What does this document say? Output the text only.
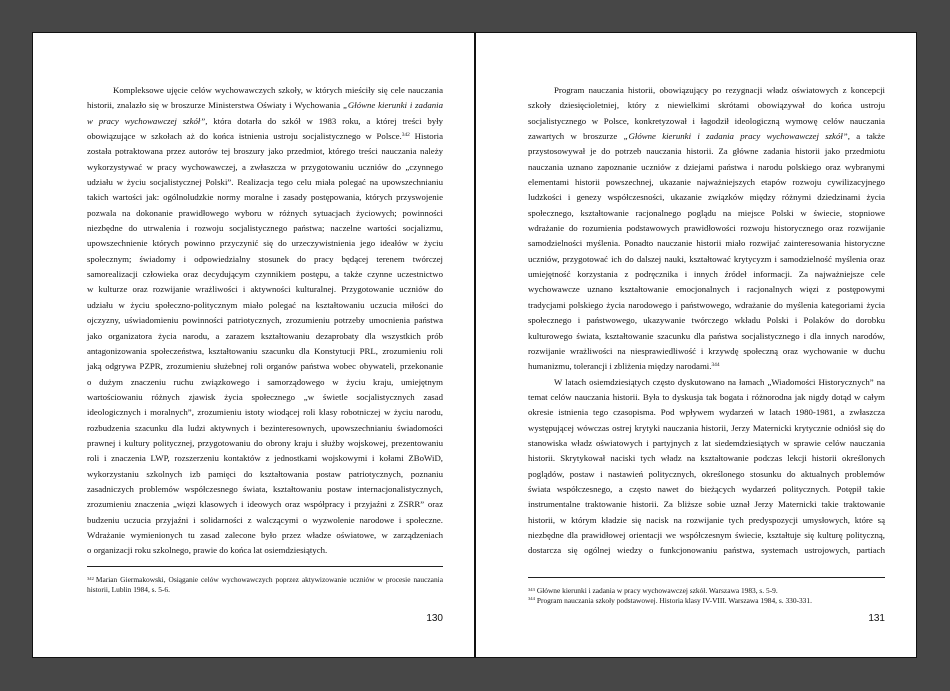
Kompleksowe ujęcie celów wychowawczych szkoły, w których mieściły się cele nauczania
historii, znalazło się w broszurze Ministerstwa Oświaty i Wychowania „Główne kierunki i zadania
w pracy wychowawczej szkół”, która dotarła do szkół w 1983 roku, a której treści były
obowiązujące w szkołach aż do końca istnienia ustroju socjalistycznego w Polsce.$^{342}$ Historia
została potraktowana przez autorów tej broszury jako przedmiot, którego treści nauczania należy
wykorzystywać w pracy wychowawczej, a zwłaszcza w przygotowaniu uczniów do „czynnego
udziału w życiu socjalistycznej Polski”. Realizacja tego celu miała polegać na upowszechnianiu
takich wartości jak: ogólnoludzkie normy moralne i zasady postępowania, których przyswojenie
pozwala na dokonanie prawidłowego wyboru w różnych sytuacjach życiowych; powinności
niezbędne do utrwalenia i rozwoju socjalistycznego państwa; naczelne wartości socjalizmu,
upowszechnienie których powinno przyczynić się do urzeczywistnienia jego ideałów w życiu
społecznym; świadomy i odpowiedzialny stosunek do pracy będącej terenem twórczej
samorealizacji człowieka oraz decydującym czynnikiem postępu, a także czynne uczestnictwo
w kulturze oraz rozwijanie wrażliwości i aktywności kulturalnej. Przygotowanie uczniów do
udziału w życiu społeczno-politycznym miało polegać na kształtowaniu uczucia miłości do
ojczyzny, uświadomieniu powinności patriotycznych, zrozumieniu potrzeby umocnienia państwa
jako organizatora życia narodu, a zarazem kształtowaniu dezaprobaty dla wszystkich prób
antagonizowania społeczeństwa, kształtowaniu szacunku dla Konstytucji PRL, zrozumieniu roli
jaką odgrywa PZPR, zrozumieniu służebnej roli organów państwa wobec obywateli, przekonanie
o dużym znaczeniu ruchu związkowego i samorządowego w życiu kraju, umiejętnym
wartościowaniu różnych zjawisk życia społecznego „w świetle socjalistycznych zasad
ideologicznych i moralnych”, zrozumieniu istoty wiodącej roli klasy robotniczej w życiu narodu,
rozbudzenia szacunku dla ludzi aktywnych i bezinteresownych, upowszechnianiu świadomości
prawnej i kultury politycznej, przygotowaniu do obrony kraju i służby wojskowej, prezentowaniu
roli i znaczenia LWP, rozszerzeniu kontaktów z jednostkami wojskowymi i kołami ZBoWiD,
wykorzystaniu szkolnych izb pamięci do kształtowania postaw patriotycznych, poznaniu
zasadniczych problemów współczesnego świata, kształtowaniu postaw internacjonalistycznych,
zrozumieniu znaczenia „więzi klasowych i ideowych oraz współpracy i przyjaźni z ZSRR” oraz
budzeniu uczucia przyjaźni i solidarności z walczącymi o wyzwolenie narodowe i społeczne.
Wdrażanie wymienionych tu zasad zalecone było przez władze oświatowe, w zarządzeniach
o organizacji roku szkolnego, prawie do końca lat osiemdziesiątych.
$^{342}$ Marian Giermakowski, Osiąganie celów wychowawczych poprzez aktywizowanie uczniów w procesie nauczania
historii, Lublin 1984, s. 5-6.
130
Program nauczania historii, obowiązujący po rezygnacji władz oświatowych z koncepcji
szkoły dziesięcioletniej, który z niewielkimi skrótami obowiązywał do końca ustroju
socjalistycznego w Polsce, konkretyzował i łagodził ideologiczną wymowę celów nauczania
zawartych w broszurze „Główne kierunki i zadania pracy wychowawczej szkół”, a także
przystosowywał je do potrzeb nauczania historii. Za główne zadania historii jako przedmiotu
nauczania uznano zapoznanie uczniów z dziejami państwa i narodu polskiego oraz wybranymi
elementami historii powszechnej, ukazanie najważniejszych etapów rozwoju cywilizacyjnego
ludzkości i genezy współczesności, ukazanie związków między różnymi dziedzinami życia
społecznego, kształtowanie racjonalnego poglądu na miejsce Polski w świecie, stopniowe
wdrażanie do rozumienia podstawowych prawidłowości rozwoju historycznego oraz rozwijanie
samodzielności myślenia. Ponadto nauczanie historii miało rozwijać zainteresowania historyczne
uczniów, przygotować ich do dalszej nauki, kształtować krytycyzm i samodzielność myślenia oraz
umiejętność korzystania z podręcznika i innych źródeł informacji. Za najważniejsze cele
wychowawcze uznano kształtowanie emocjonalnych i racjonalnych więzi z postępowymi
tradycjami polskiego życia narodowego i państwowego, wdrażanie do myślenia kategoriami życia
społecznego i państwowego, ukazywanie twórczego wkładu Polski i Polaków do dorobku
kulturowego świata, kształtowanie szacunku dla państwa socjalistycznego i dla innych narodów,
rozwijanie wrażliwości na niesprawiedliwość i krzywdę społeczną oraz wychowanie w duchu
humanizmu, tolerancji i zbliżenia między narodami.$^{344}$
W latach osiemdziesiątych często dyskutowano na łamach „Wiadomości Historycznych” na
temat celów nauczania historii. Była to dyskusja tak bogata i różnorodna jak nigdy dotąd w całym
okresie istnienia tego czasopisma. Pod wpływem wydarzeń w latach 1980-1981, a zwłaszcza
występującej wówczas ostrej krytyki nauczania historii, Jerzy Maternicki krytycznie odniósł się do
stanowiska władz oświatowych i partyjnych z lat siedemdziesiątych w sprawie celów nauczania
historii. Skrytykował naciski tych władz na kształtowanie podczas lekcji historii określonych
poglądów, postaw i nastawień politycznych, określonego stosunku do aktualnych problemów
świata współczesnego, a często nawet do bieżących wydarzeń politycznych. Potępił takie
instrumentalne traktowanie historii. Za bliższe sobie uznał Jerzy Maternicki takie traktowanie
historii, w którym kładzie się nacisk na rozwijanie tych predyspozycji umysłowych, które są
niezbędne dla prawidłowej orientacji we współczesnym świecie, kształtuje się kulturę polityczną,
dostarcza się ogólnej wiedzy o funkcjonowaniu państwa, systemach ustrojowych, partiach
$^{343}$ Główne kierunki i zadania w pracy wychowawczej szkół. Warszawa 1983, s. 5-9.
$^{344}$ Program nauczania szkoły podstawowej. Historia klasy IV-VIII. Warszawa 1984, s. 330-331.
131
